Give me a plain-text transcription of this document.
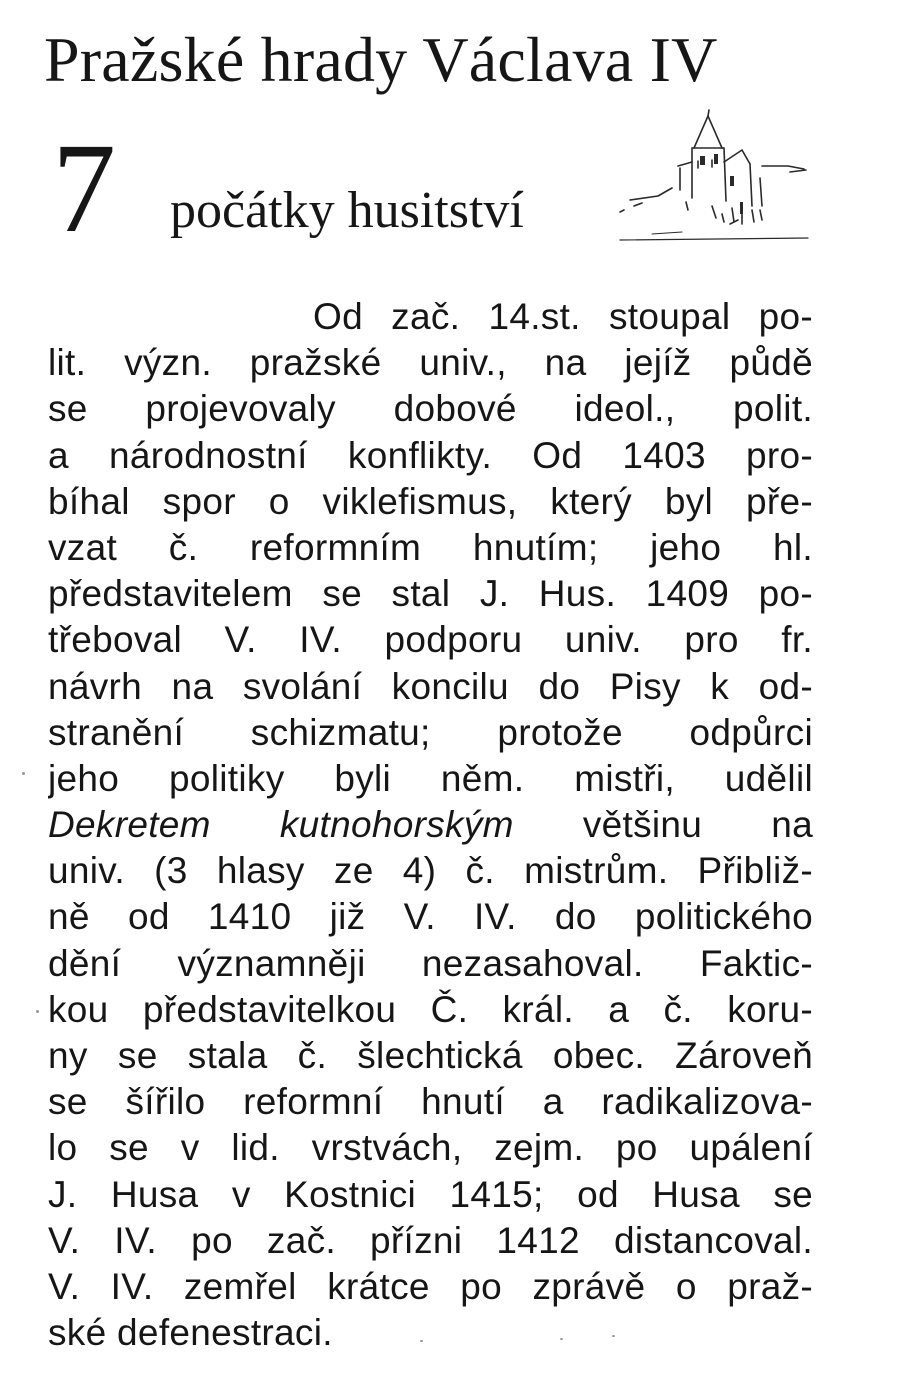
Pražské hrady Václava IV
7 počátky husitství
Od zač. 14.st. stoupal po-
lit. význ. pražské univ., na jejíž půdě
se projevovaly dobové ideol., polit.
a národnostní konflikty. Od 1403 pro-
bíhal spor o viklefismus, který byl pře-
vzat č. reformním hnutím; jeho hl.
představitelem se stal J. Hus. 1409 po-
třeboval V. IV. podporu univ. pro fr.
návrh na svolání koncilu do Pisy k od-
stranění schizmatu; protože odpůrci
jeho politiky byli něm. mistři, udělil
Dekretem kutnohorským většinu na
univ. (3 hlasy ze 4) č. mistrům. Přibliž-
ně od 1410 již V. IV. do politického
dění významněji nezasahoval. Faktic-
kou představitelkou Č. král. a č. koru-
ny se stala č. šlechtická obec. Zároveň
se šířilo reformní hnutí a radikalizova-
lo se v lid. vrstvách, zejm. po upálení
J. Husa v Kostnici 1415; od Husa se
V. IV. po zač. přízni 1412 distancoval.
V. IV. zemřel krátce po zprávě o praž-
ské defenestraci.
